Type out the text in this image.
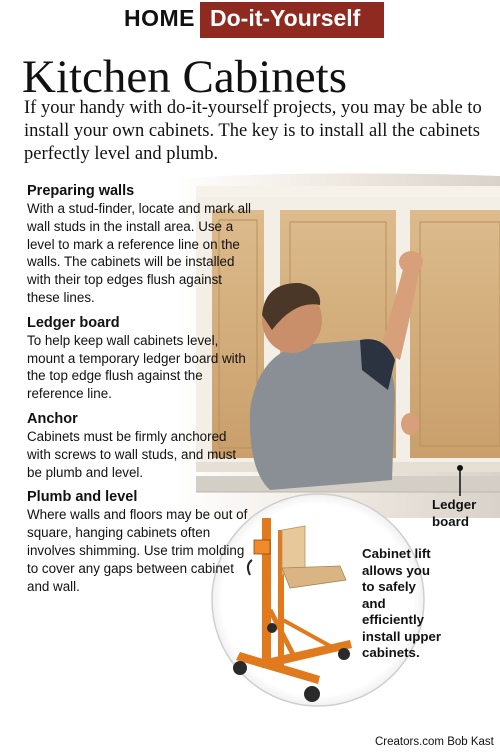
HOME Do-it-Yourself
Kitchen Cabinets
If your handy with do-it-yourself projects, you may be able to install your own cabinets. The key is to install all the cabinets perfectly level and plumb.
Preparing walls

With a stud-finder, locate and mark all wall studs in the install area. Use a level to mark a reference line on the walls. The cabinets will be installed with their top edges flush against these lines.

Ledger board

To help keep wall cabinets level, mount a temporary ledger board with the top edge flush against the reference line.

Anchor

Cabinets must be firmly anchored with screws to wall studs, and must be plumb and level.

Plumb and level

Where walls and floors may be out of square, hanging cabinets often involves shimming. Use trim molding to cover any gaps between cabinet and wall.

Ledger board
Cabinet lift allows you to safely and efficiently install upper cabinets.
Creators.com Bob Kast
